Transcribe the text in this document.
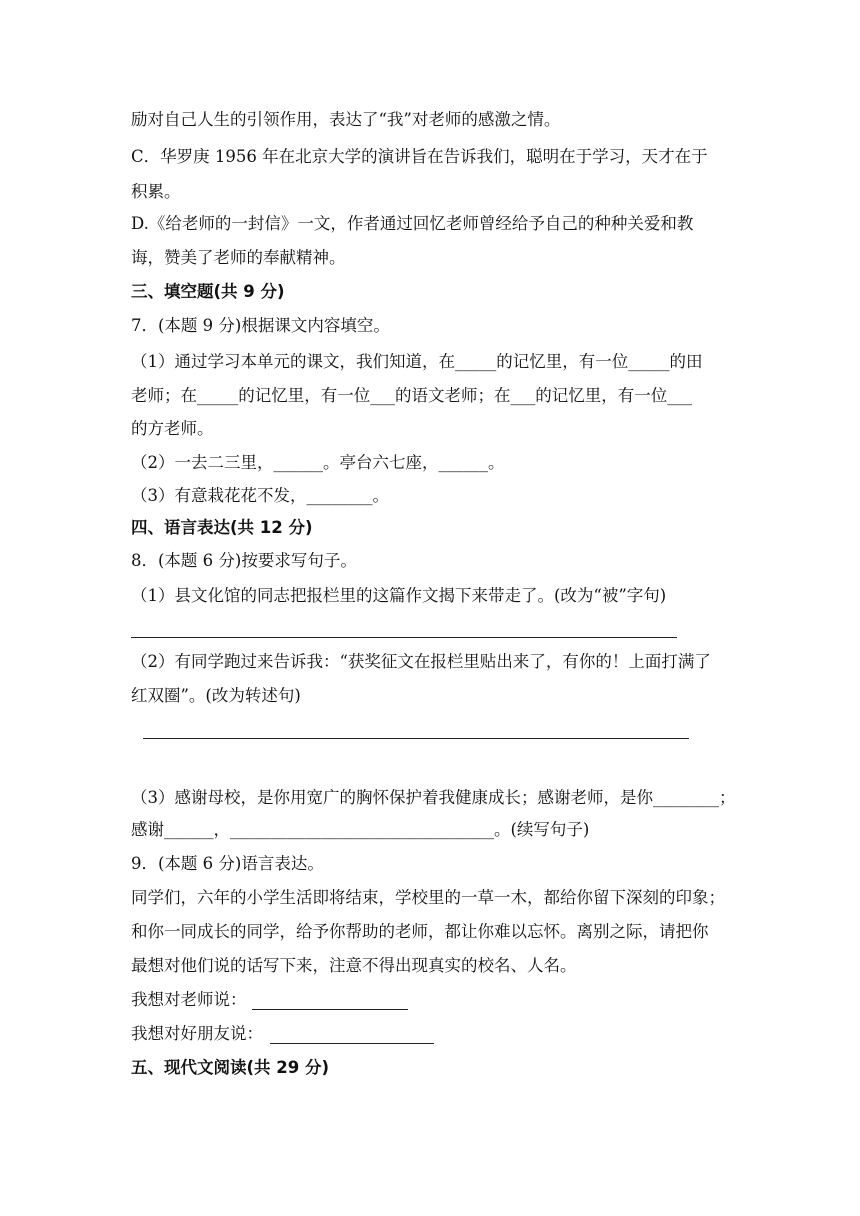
励对自己人生的引领作用，表达了“我”对老师的感激之情。
C．华罗庚 1956 年在北京大学的演讲旨在告诉我们，聪明在于学习，天才在于
积累。
D.《给老师的一封信》一文，作者通过回忆老师曾经给予自己的种种关爱和教
诲，赞美了老师的奉献精神。
三、填空题(共 9 分)
7．(本题 9 分)根据课文内容填空。
（1）通过学习本单元的课文，我们知道，在_____的记忆里，有一位_____的田
老师；在_____的记忆里，有一位___的语文老师；在___的记忆里，有一位___
的方老师。
（2）一去二三里，______。亭台六七座，______。
（3）有意栽花花不发，________。
四、语言表达(共 12 分)
8．(本题 6 分)按要求写句子。
（1）县文化馆的同志把报栏里的这篇作文揭下来带走了。(改为“被”字句)
（2）有同学跑过来告诉我：“获奖征文在报栏里贴出来了，有你的！上面打满了
红双圈”。(改为转述句)
（3）感谢母校，是你用宽广的胸怀保护着我健康成长；感谢老师，是你________；
感谢______，________________________________。(续写句子)
9．(本题 6 分)语言表达。
同学们，六年的小学生活即将结束，学校里的一草一木，都给你留下深刻的印象；
和你一同成长的同学，给予你帮助的老师，都让你难以忘怀。离别之际，请把你
最想对他们说的话写下来，注意不得出现真实的校名、人名。
我想对老师说：
我想对好朋友说：
五、现代文阅读(共 29 分)
